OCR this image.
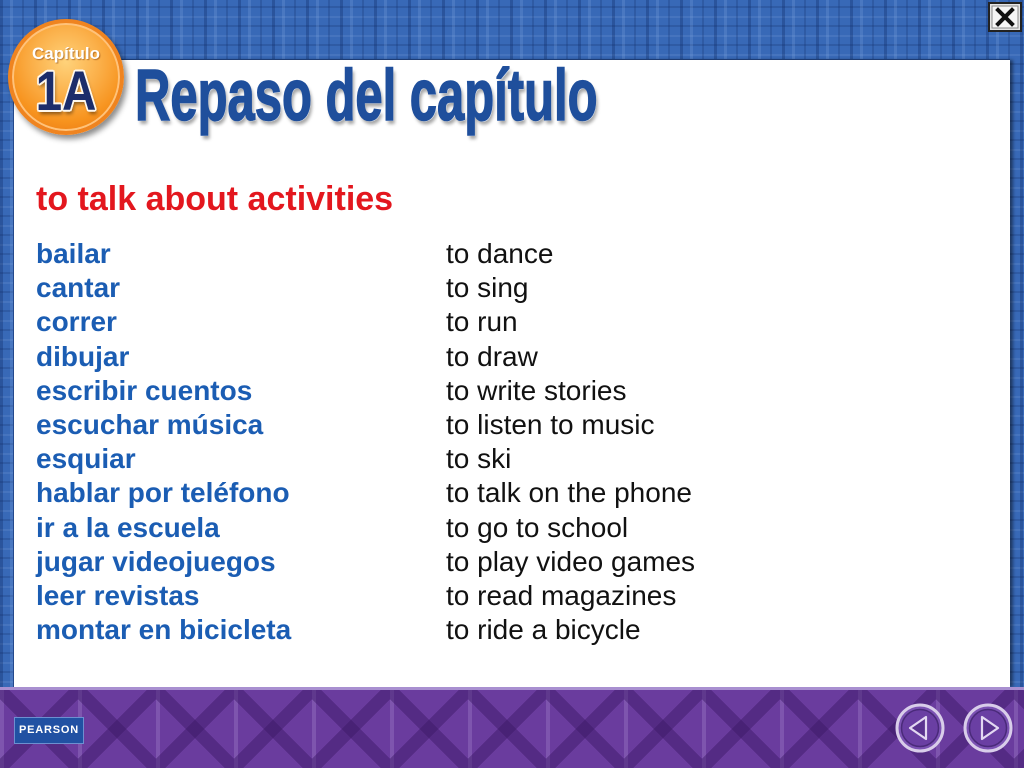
to talk about activities
bailar	to dance
cantar	to sing
correr	to run
dibujar	to draw
escribir cuentos	to write stories
escuchar música	to listen to music
esquiar	to ski
hablar por teléfono	to talk on the phone
ir a la escuela	to go to school
jugar videojuegos	to play video games
leer revistas	to read magazines
montar en bicicleta	to ride a bicycle
Capítulo
1A Repaso del capítulo
PEARSON
